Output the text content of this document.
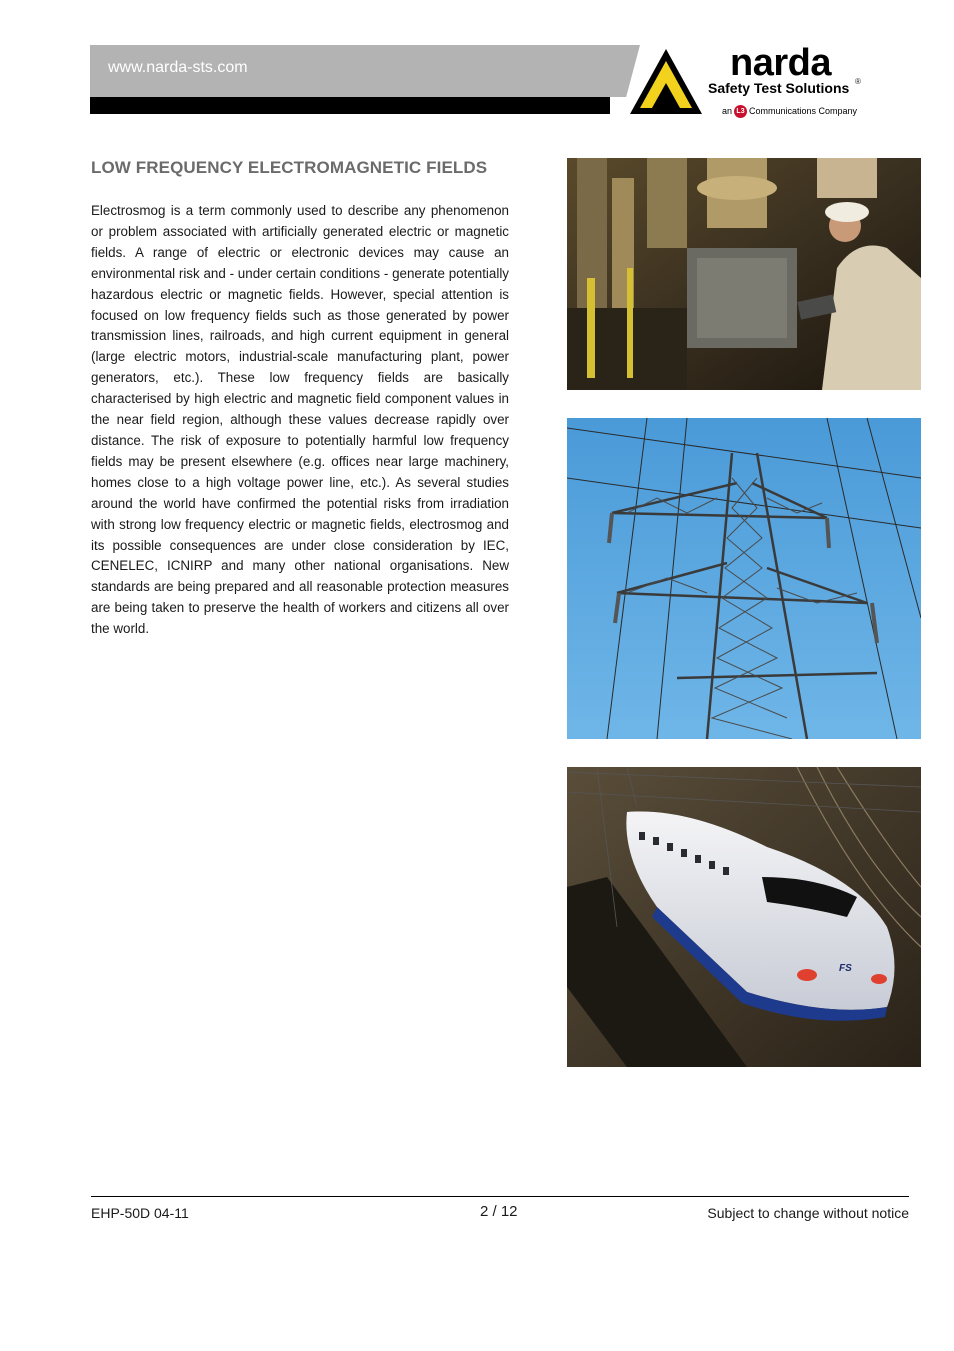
www.narda-sts.com	narda
Safety Test Solutions ®
an L3 Communications Company
LOW FREQUENCY ELECTROMAGNETIC FIELDS
Electrosmog is a term commonly used to describe any phenomenon or problem associated with artificially generated electric or magnetic fields. A range of electric or electronic devices may cause an environmental risk and - under certain conditions - generate potentially hazardous electric or magnetic fields. However, special attention is focused on low frequency fields such as those generated by power transmission lines, railroads, and high current equipment in general (large electric motors, industrial-scale manufacturing plant, power generators, etc.). These low frequency fields are basically characterised by high electric and magnetic field component values in the near field region, although these values decrease rapidly over distance. The risk of exposure to potentially harmful low frequency fields may be present elsewhere (e.g. offices near large machinery, homes close to a high voltage power line, etc.). As several studies around the world have confirmed the potential risks from irradiation with strong low frequency electric or magnetic fields, electrosmog and its possible consequences are under close consideration by IEC, CENELEC, ICNIRP and many other national organisations. New standards are being prepared and all reasonable protection measures are being taken to preserve the health of workers and citizens all over the world.
FS
EHP-50D 04-11	2 / 12	Subject to change without notice
